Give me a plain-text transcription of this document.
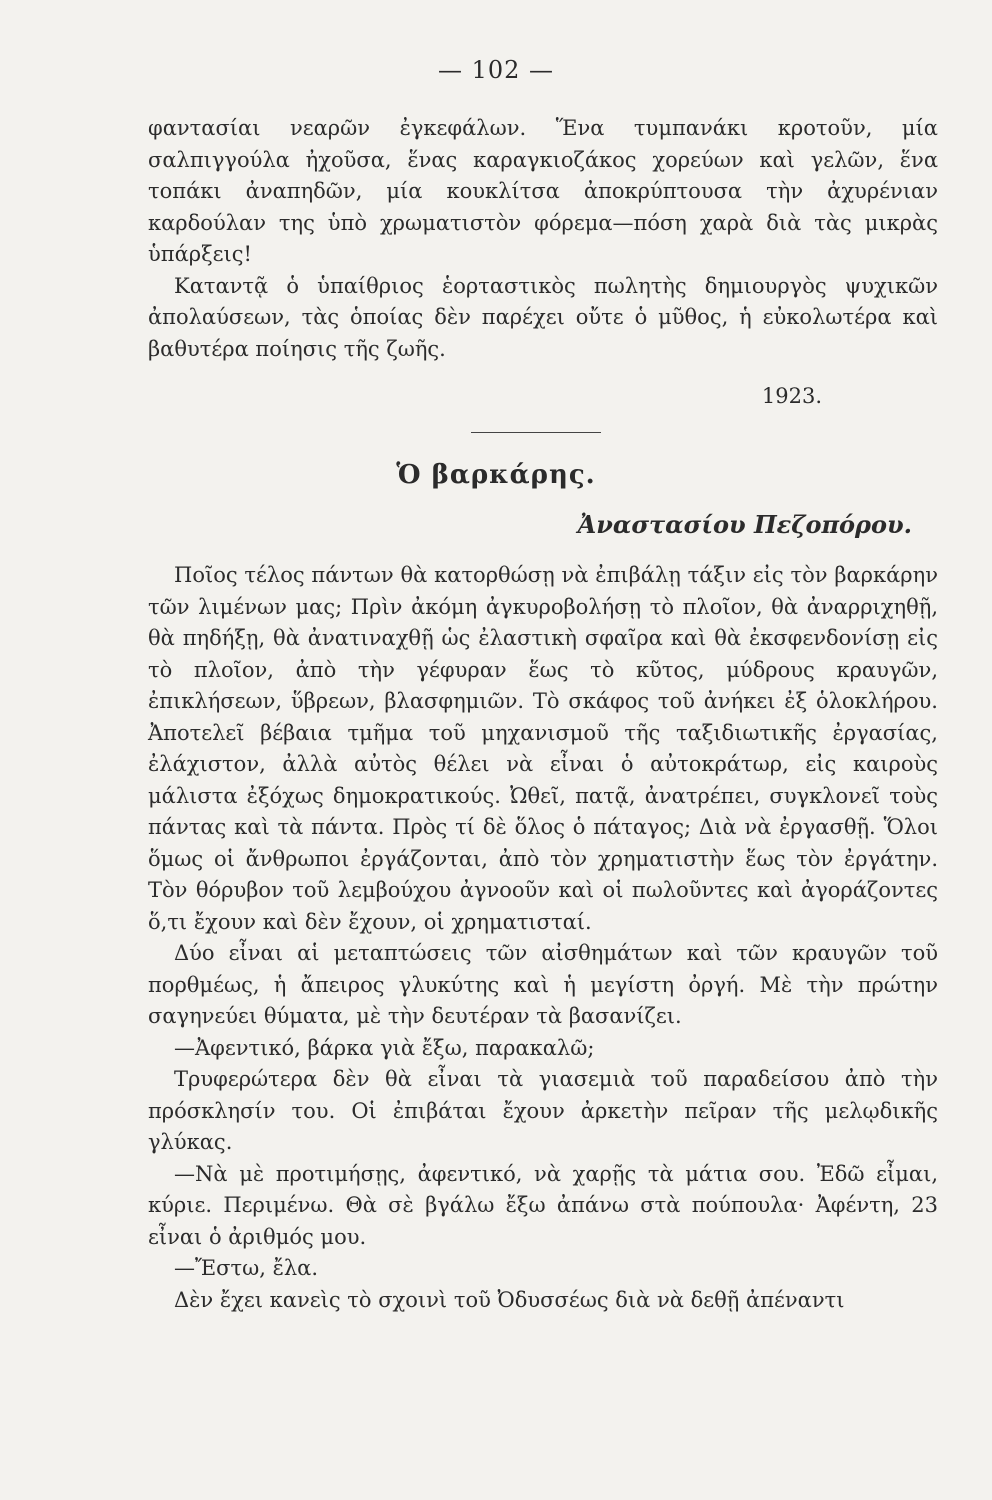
— 102 —

φαντασίαι νεαρῶν ἐγκεφάλων. Ἕνα τυμπανάκι κροτοῦν, μία σαλπιγγούλα ἠχοῦσα, ἕνας καραγκιοζάκος χορεύων καὶ γελῶν, ἕνα τοπάκι ἀναπηδῶν, μία κουκλίτσα ἀποκρύπτουσα τὴν ἀχυρένιαν καρδούλαν της ὑπὸ χρωματιστὸν φόρεμα—πόση χαρὰ διὰ τὰς μικρὰς ὑπάρξεις!

Καταντᾷ ὁ ὑπαίθριος ἑορταστικὸς πωλητὴς δημιουργὸς ψυχικῶν ἀπολαύσεων, τὰς ὁποίας δὲν παρέχει οὔτε ὁ μῦθος, ἡ εὐκολωτέρα καὶ βαθυτέρα ποίησις τῆς ζωῆς.

1923.
Ὁ βαρκάρης.
Ἀναστασίου Πεζοπόρου.

Ποῖος τέλος πάντων θὰ κατορθώσῃ νὰ ἐπιβάλῃ τάξιν εἰς τὸν βαρκάρην τῶν λιμένων μας; Πρὶν ἀκόμη ἀγκυροβολήσῃ τὸ πλοῖον, θὰ ἀναρριχηθῇ, θὰ πηδήξῃ, θὰ ἀνατιναχθῇ ὡς ἐλαστικὴ σφαῖρα καὶ θὰ ἐκσφενδονίσῃ εἰς τὸ πλοῖον, ἀπὸ τὴν γέφυραν ἕως τὸ κῦτος, μύδρους κραυγῶν, ἐπικλήσεων, ὕβρεων, βλασφημιῶν. Τὸ σκάφος τοῦ ἀνήκει ἐξ ὁλοκλήρου. Ἀποτελεῖ βέβαια τμῆμα τοῦ μηχανισμοῦ τῆς ταξιδιωτικῆς ἐργασίας, ἐλάχιστον, ἀλλὰ αὐτὸς θέλει νὰ εἶναι ὁ αὐτοκράτωρ, εἰς καιροὺς μάλιστα ἐξόχως δημοκρατικούς. Ὠθεῖ, πατᾷ, ἀνατρέπει, συγκλονεῖ τοὺς πάντας καὶ τὰ πάντα. Πρὸς τί δὲ ὅλος ὁ πάταγος; Διὰ νὰ ἐργασθῇ. Ὅλοι ὅμως οἱ ἄνθρωποι ἐργάζονται, ἀπὸ τὸν χρηματιστὴν ἕως τὸν ἐργάτην. Τὸν θόρυβον τοῦ λεμβούχου ἀγνοοῦν καὶ οἱ πωλοῦντες καὶ ἀγοράζοντες ὅ,τι ἔχουν καὶ δὲν ἔχουν, οἱ χρηματισταί.

Δύο εἶναι αἱ μεταπτώσεις τῶν αἰσθημάτων καὶ τῶν κραυγῶν τοῦ πορθμέως, ἡ ἄπειρος γλυκύτης καὶ ἡ μεγίστη ὀργή. Μὲ τὴν πρώτην σαγηνεύει θύματα, μὲ τὴν δευτέραν τὰ βασανίζει.

—Ἀφεντικό, βάρκα γιὰ ἔξω, παρακαλῶ;

Τρυφερώτερα δὲν θὰ εἶναι τὰ γιασεμιὰ τοῦ παραδείσου ἀπὸ τὴν πρόσκλησίν του. Οἱ ἐπιβάται ἔχουν ἀρκετὴν πεῖραν τῆς μελῳδικῆς γλύκας.

—Νὰ μὲ προτιμήσῃς, ἀφεντικό, νὰ χαρῇς τὰ μάτια σου. Ἐδῶ εἶμαι, κύριε. Περιμένω. Θὰ σὲ βγάλω ἔξω ἀπάνω στὰ πούπουλα· Ἀφέντη, 23 εἶναι ὁ ἀριθμός μου.

—Ἔστω, ἔλα.

Δὲν ἔχει κανεὶς τὸ σχοινὶ τοῦ Ὀδυσσέως διὰ νὰ δεθῇ ἀπέναντι
